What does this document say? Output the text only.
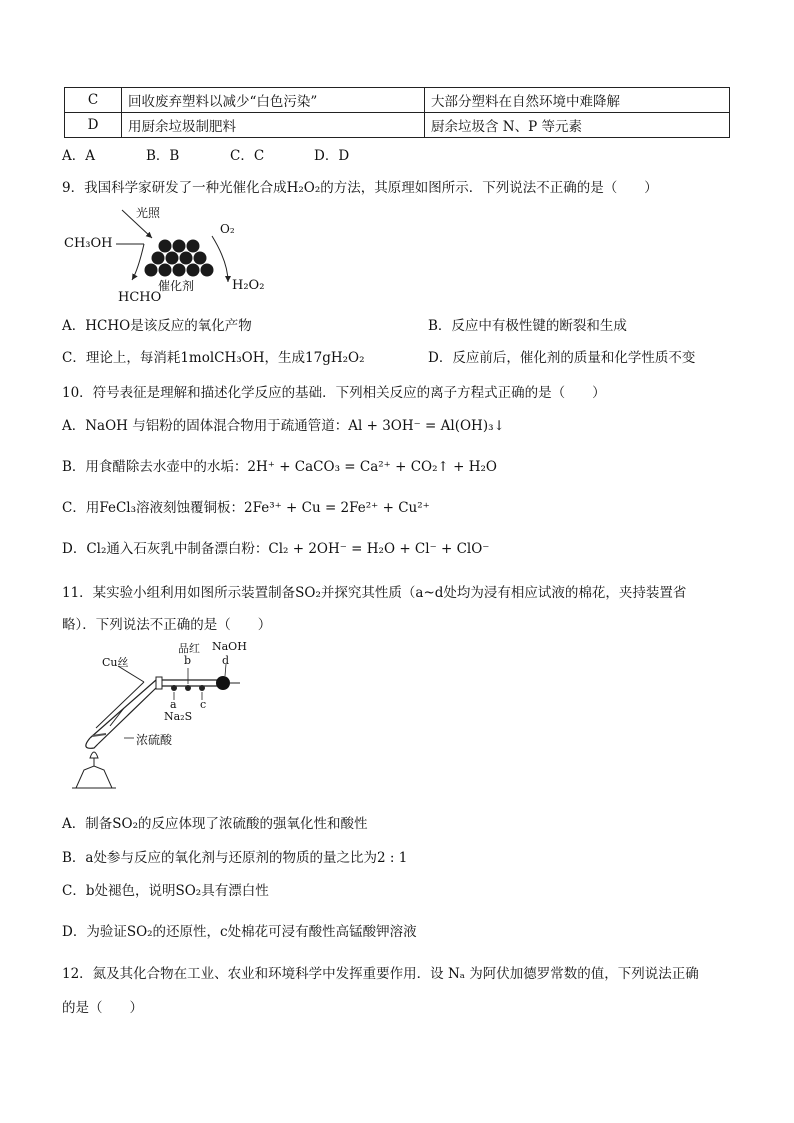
C	回收废弃塑料以减少“白色污染”	大部分塑料在自然环境中难降解
D	用厨余垃圾制肥料	厨余垃圾含 N、P 等元素
A．A	B．B	C．C	D．D
9．我国科学家研发了一种光催化合成H₂O₂的方法，其原理如图所示．下列说法不正确的是（　　）
光照
CH₃OH
O₂
HCHO
催化剂	H₂O₂
A．HCHO是该反应的氧化产物	B．反应中有极性键的断裂和生成
C．理论上，每消耗1molCH₃OH，生成17gH₂O₂	D．反应前后，催化剂的质量和化学性质不变
10．符号表征是理解和描述化学反应的基础．下列相关反应的离子方程式正确的是（　　）
A．NaOH 与铝粉的固体混合物用于疏通管道：Al + 3OH⁻ = Al(OH)₃↓
B．用食醋除去水壶中的水垢：2H⁺ + CaCO₃ = Ca²⁺ + CO₂↑ + H₂O
C．用FeCl₃溶液刻蚀覆铜板：2Fe³⁺ + Cu = 2Fe²⁺ + Cu²⁺
D．Cl₂通入石灰乳中制备漂白粉：Cl₂ + 2OH⁻ = H₂O + Cl⁻ + ClO⁻
11．某实验小组利用如图所示装置制备SO₂并探究其性质（a~d处均为浸有相应试液的棉花，夹持装置省
略）．下列说法不正确的是（　　）
Cu丝
品红 NaOH
b	d
a c
Na₂S
浓硫酸
A．制备SO₂的反应体现了浓硫酸的强氧化性和酸性
B．a处参与反应的氧化剂与还原剂的物质的量之比为2 : 1
C．b处褪色，说明SO₂具有漂白性
D．为验证SO₂的还原性，c处棉花可浸有酸性高锰酸钾溶液
12．氮及其化合物在工业、农业和环境科学中发挥重要作用．设 Nₐ 为阿伏加德罗常数的值，下列说法正确
的是（　　）
